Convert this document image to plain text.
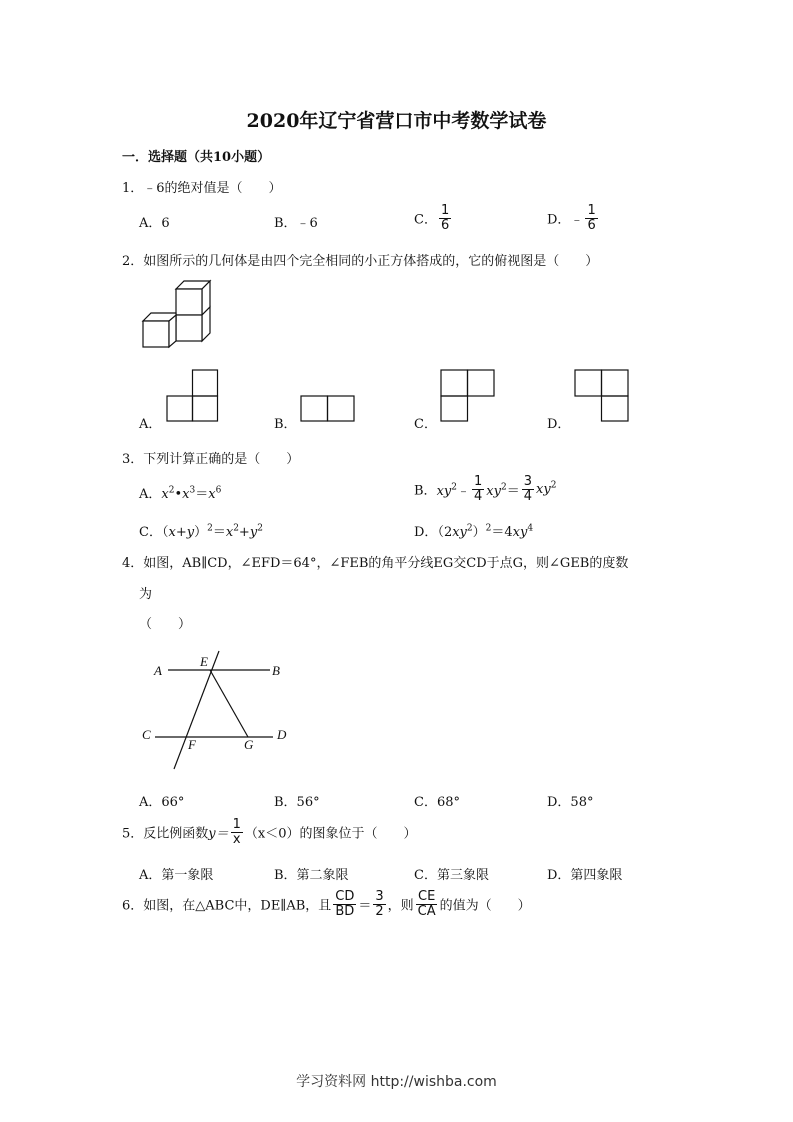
2020年辽宁省营口市中考数学试卷
一．选择题（共10小题）
1．﹣6的绝对值是（　　）
A．6	B．﹣6	C． $\frac{1}{6}$	D．﹣ $\frac{1}{6}$
2．如图所示的几何体是由四个完全相同的小正方体搭成的，它的俯视图是（　　）
A．	B．	C．	D．
3．下列计算正确的是（　　）
A．$x^2•x^3=x^6$	B．$xy^2﹣ \frac{1}{4} xy^2= \frac{3}{4} xy^2$
C．$(x+y)^2=x^2+y^2$	D．$(2xy^2)^2=4xy^4$
4．如图，AB∥CD，∠EFD＝64°，∠FEB的角平分线EG交CD于点G，则∠GEB的度数
为
（　　）
A
E
B
C
F	G
D
A．66°	B．56°	C．68°	D．58°
5．反比例函数$y= \frac{1}{x} (x<0)$的图象位于（　　）
A．第一象限	B．第二象限	C．第三象限	D．第四象限
6．如图，在△ABC中，DE∥AB，且 $\frac{CD}{BD} = \frac{3}{2}$ ，则 $\frac{CE}{CA}$ 的值为（　　）
学习资料网 http://wishba.com
